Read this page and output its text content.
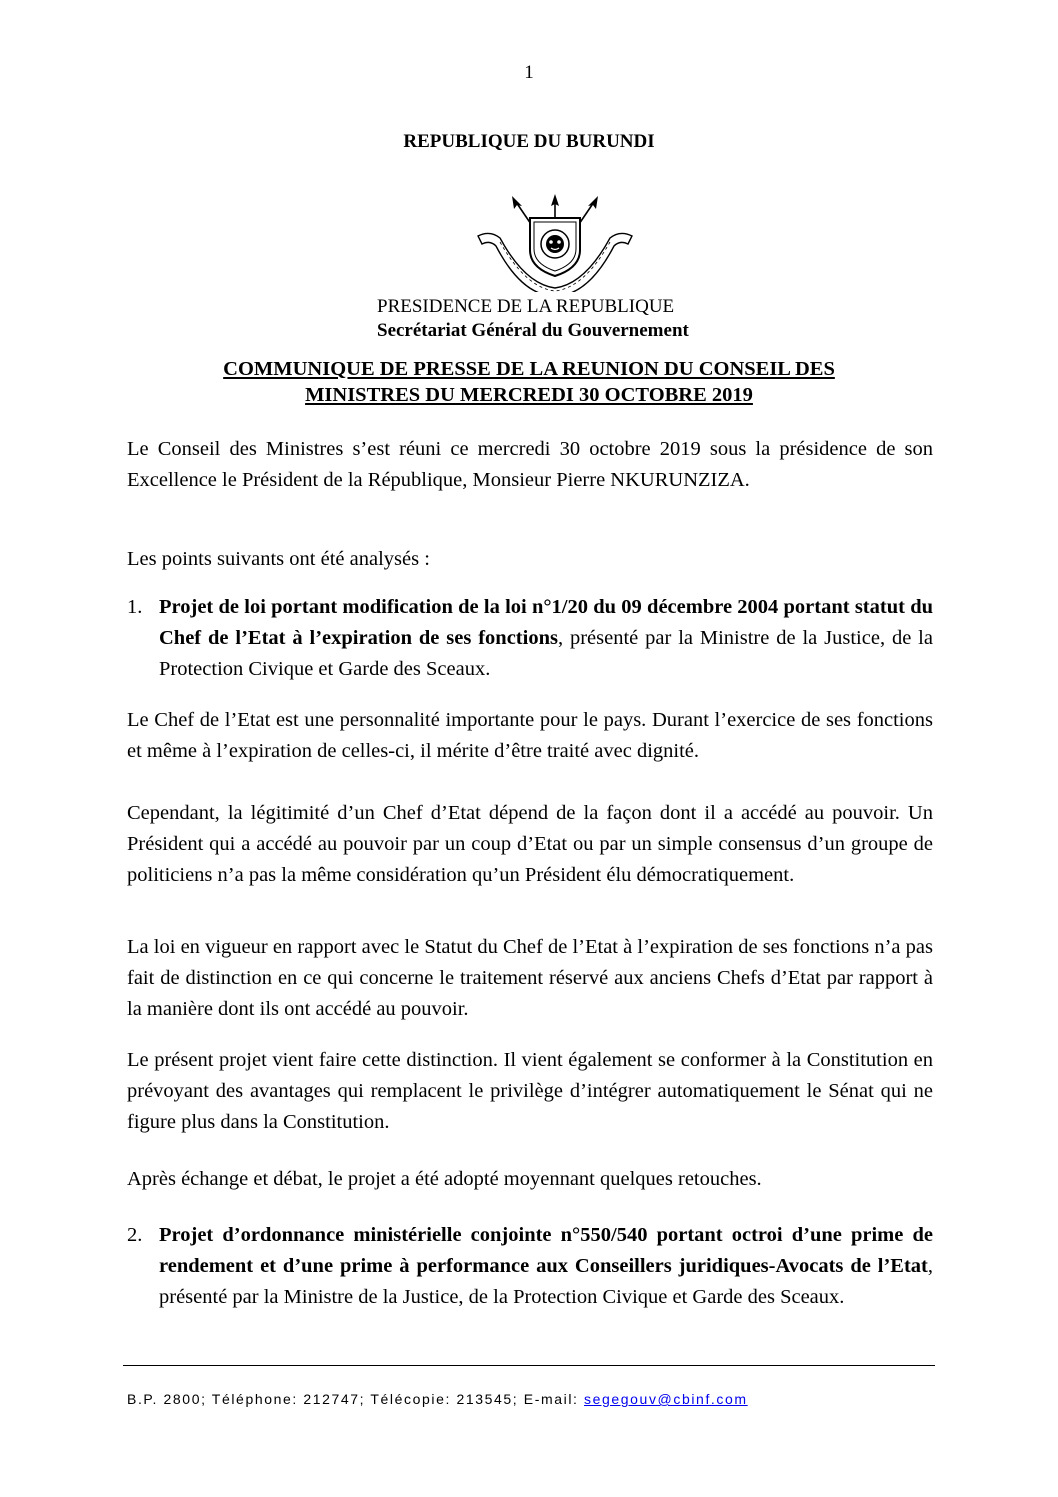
1
REPUBLIQUE DU BURUNDI
PRESIDENCE DE LA REPUBLIQUE
Secrétariat Général du Gouvernement
COMMUNIQUE DE PRESSE DE LA REUNION DU CONSEIL DES
MINISTRES DU MERCREDI 30 OCTOBRE 2019
Le Conseil des Ministres s’est réuni ce mercredi 30 octobre 2019 sous la présidence de son Excellence le Président de la République, Monsieur Pierre NKURUNZIZA.
Les points suivants ont été analysés :
1. Projet de loi portant modification de la loi n°1/20 du 09 décembre 2004 portant statut du Chef de l’Etat à l’expiration de ses fonctions, présenté par la Ministre de la Justice, de la Protection Civique et Garde des Sceaux.
Le Chef de l’Etat est une personnalité importante pour le pays. Durant l’exercice de ses fonctions et même à l’expiration de celles-ci, il mérite d’être traité avec dignité.
Cependant, la légitimité d’un Chef d’Etat dépend de la façon dont il a accédé au pouvoir. Un Président qui a accédé au pouvoir par un coup d’Etat ou par un simple consensus d’un groupe de politiciens n’a pas la même considération qu’un Président élu démocratiquement.
La loi en vigueur en rapport avec le Statut du Chef de l’Etat à l’expiration de ses fonctions n’a pas fait de distinction en ce qui concerne le traitement réservé aux anciens Chefs d’Etat par rapport à la manière dont ils ont accédé au pouvoir.
Le présent projet vient faire cette distinction. Il vient également se conformer à la Constitution en prévoyant des avantages qui remplacent le privilège d’intégrer automatiquement le Sénat qui ne figure plus dans la Constitution.
Après échange et débat, le projet a été adopté moyennant quelques retouches.
2. Projet d’ordonnance ministérielle conjointe n°550/540 portant octroi d’une prime de rendement et d’une prime à performance aux Conseillers juridiques-Avocats de l’Etat, présenté par la Ministre de la Justice, de la Protection Civique et Garde des Sceaux.
B.P. 2800; Téléphone: 212747; Télécopie: 213545; E-mail: segegouv@cbinf.com
